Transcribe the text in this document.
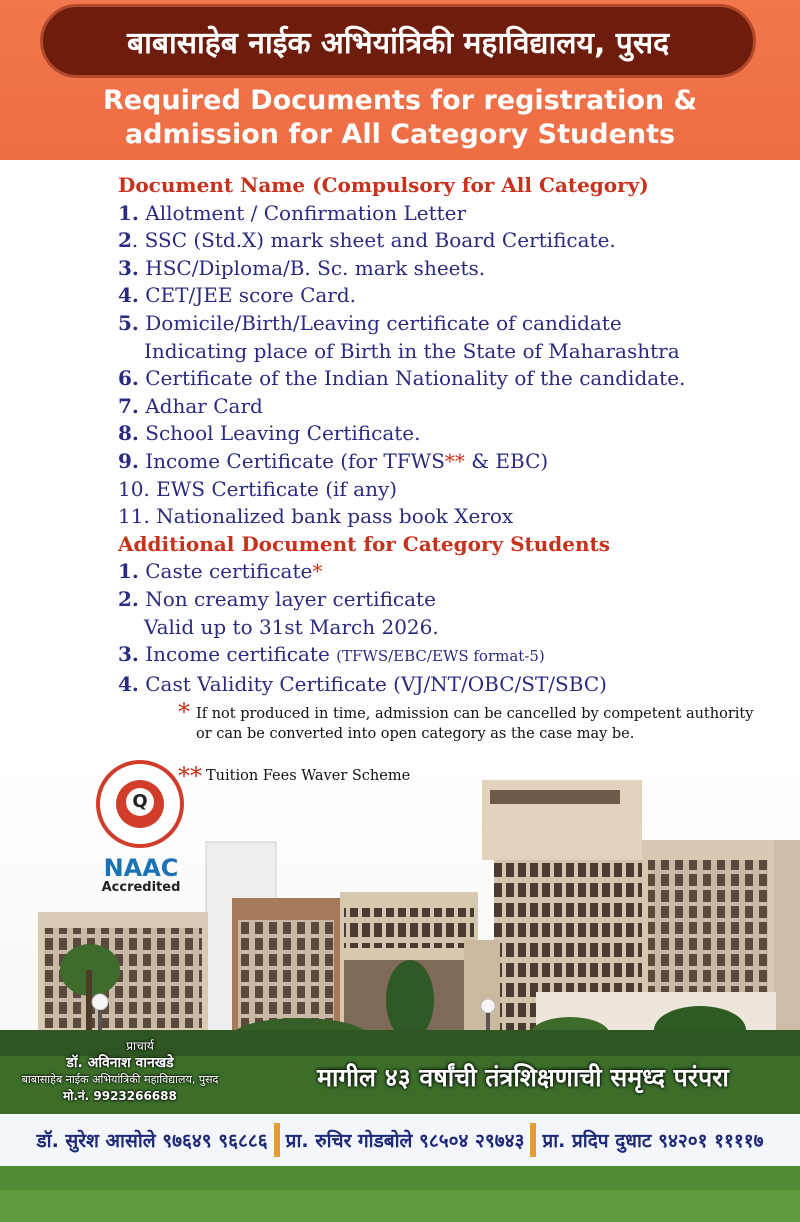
बाबासाहेब नाईक अभियांत्रिकी महाविद्यालय, पुसद
Required Documents for registration &
admission for All Category Students
Document Name (Compulsory for All Category)
1. Allotment / Confirmation Letter
2. SSC (Std.X) mark sheet and Board Certificate.
3. HSC/Diploma/B. Sc. mark sheets.
4. CET/JEE score Card.
5. Domicile/Birth/Leaving certificate of candidate
Indicating place of Birth in the State of Maharashtra
6. Certificate of the Indian Nationality of the candidate.
7. Adhar Card
8. School Leaving Certificate.
9. Income Certificate (for TFWS** & EBC)
10. EWS Certificate (if any)
11. Nationalized bank pass book Xerox
Additional Document for Category Students
1. Caste certificate*
2. Non creamy layer certificate
Valid up to 31st March 2026.
3. Income certificate (TFWS/EBC/EWS format-5)
4. Cast Validity Certificate (VJ/NT/OBC/ST/SBC)
* If not produced in time, admission can be cancelled by competent authority
or can be converted into open category as the case may be.
** Tuition Fees Waver Scheme
Q
NAAC
Accredited
प्राचार्य
डॉ. अविनाश वानखडे
बाबासाहेब नाईक अभियांत्रिकी महाविद्यालय, पुसद
मो.नं. 9923266688
मागील ४३ वर्षांची तंत्रशिक्षणाची समृध्द परंपरा
डॉ. सुरेश आसोले ९७६४९ ९६८८६ प्रा. रुचिर गोडबोले ९८५०४ २९७४३ प्रा. प्रदिप दुधाट ९४२०१ ११११७
